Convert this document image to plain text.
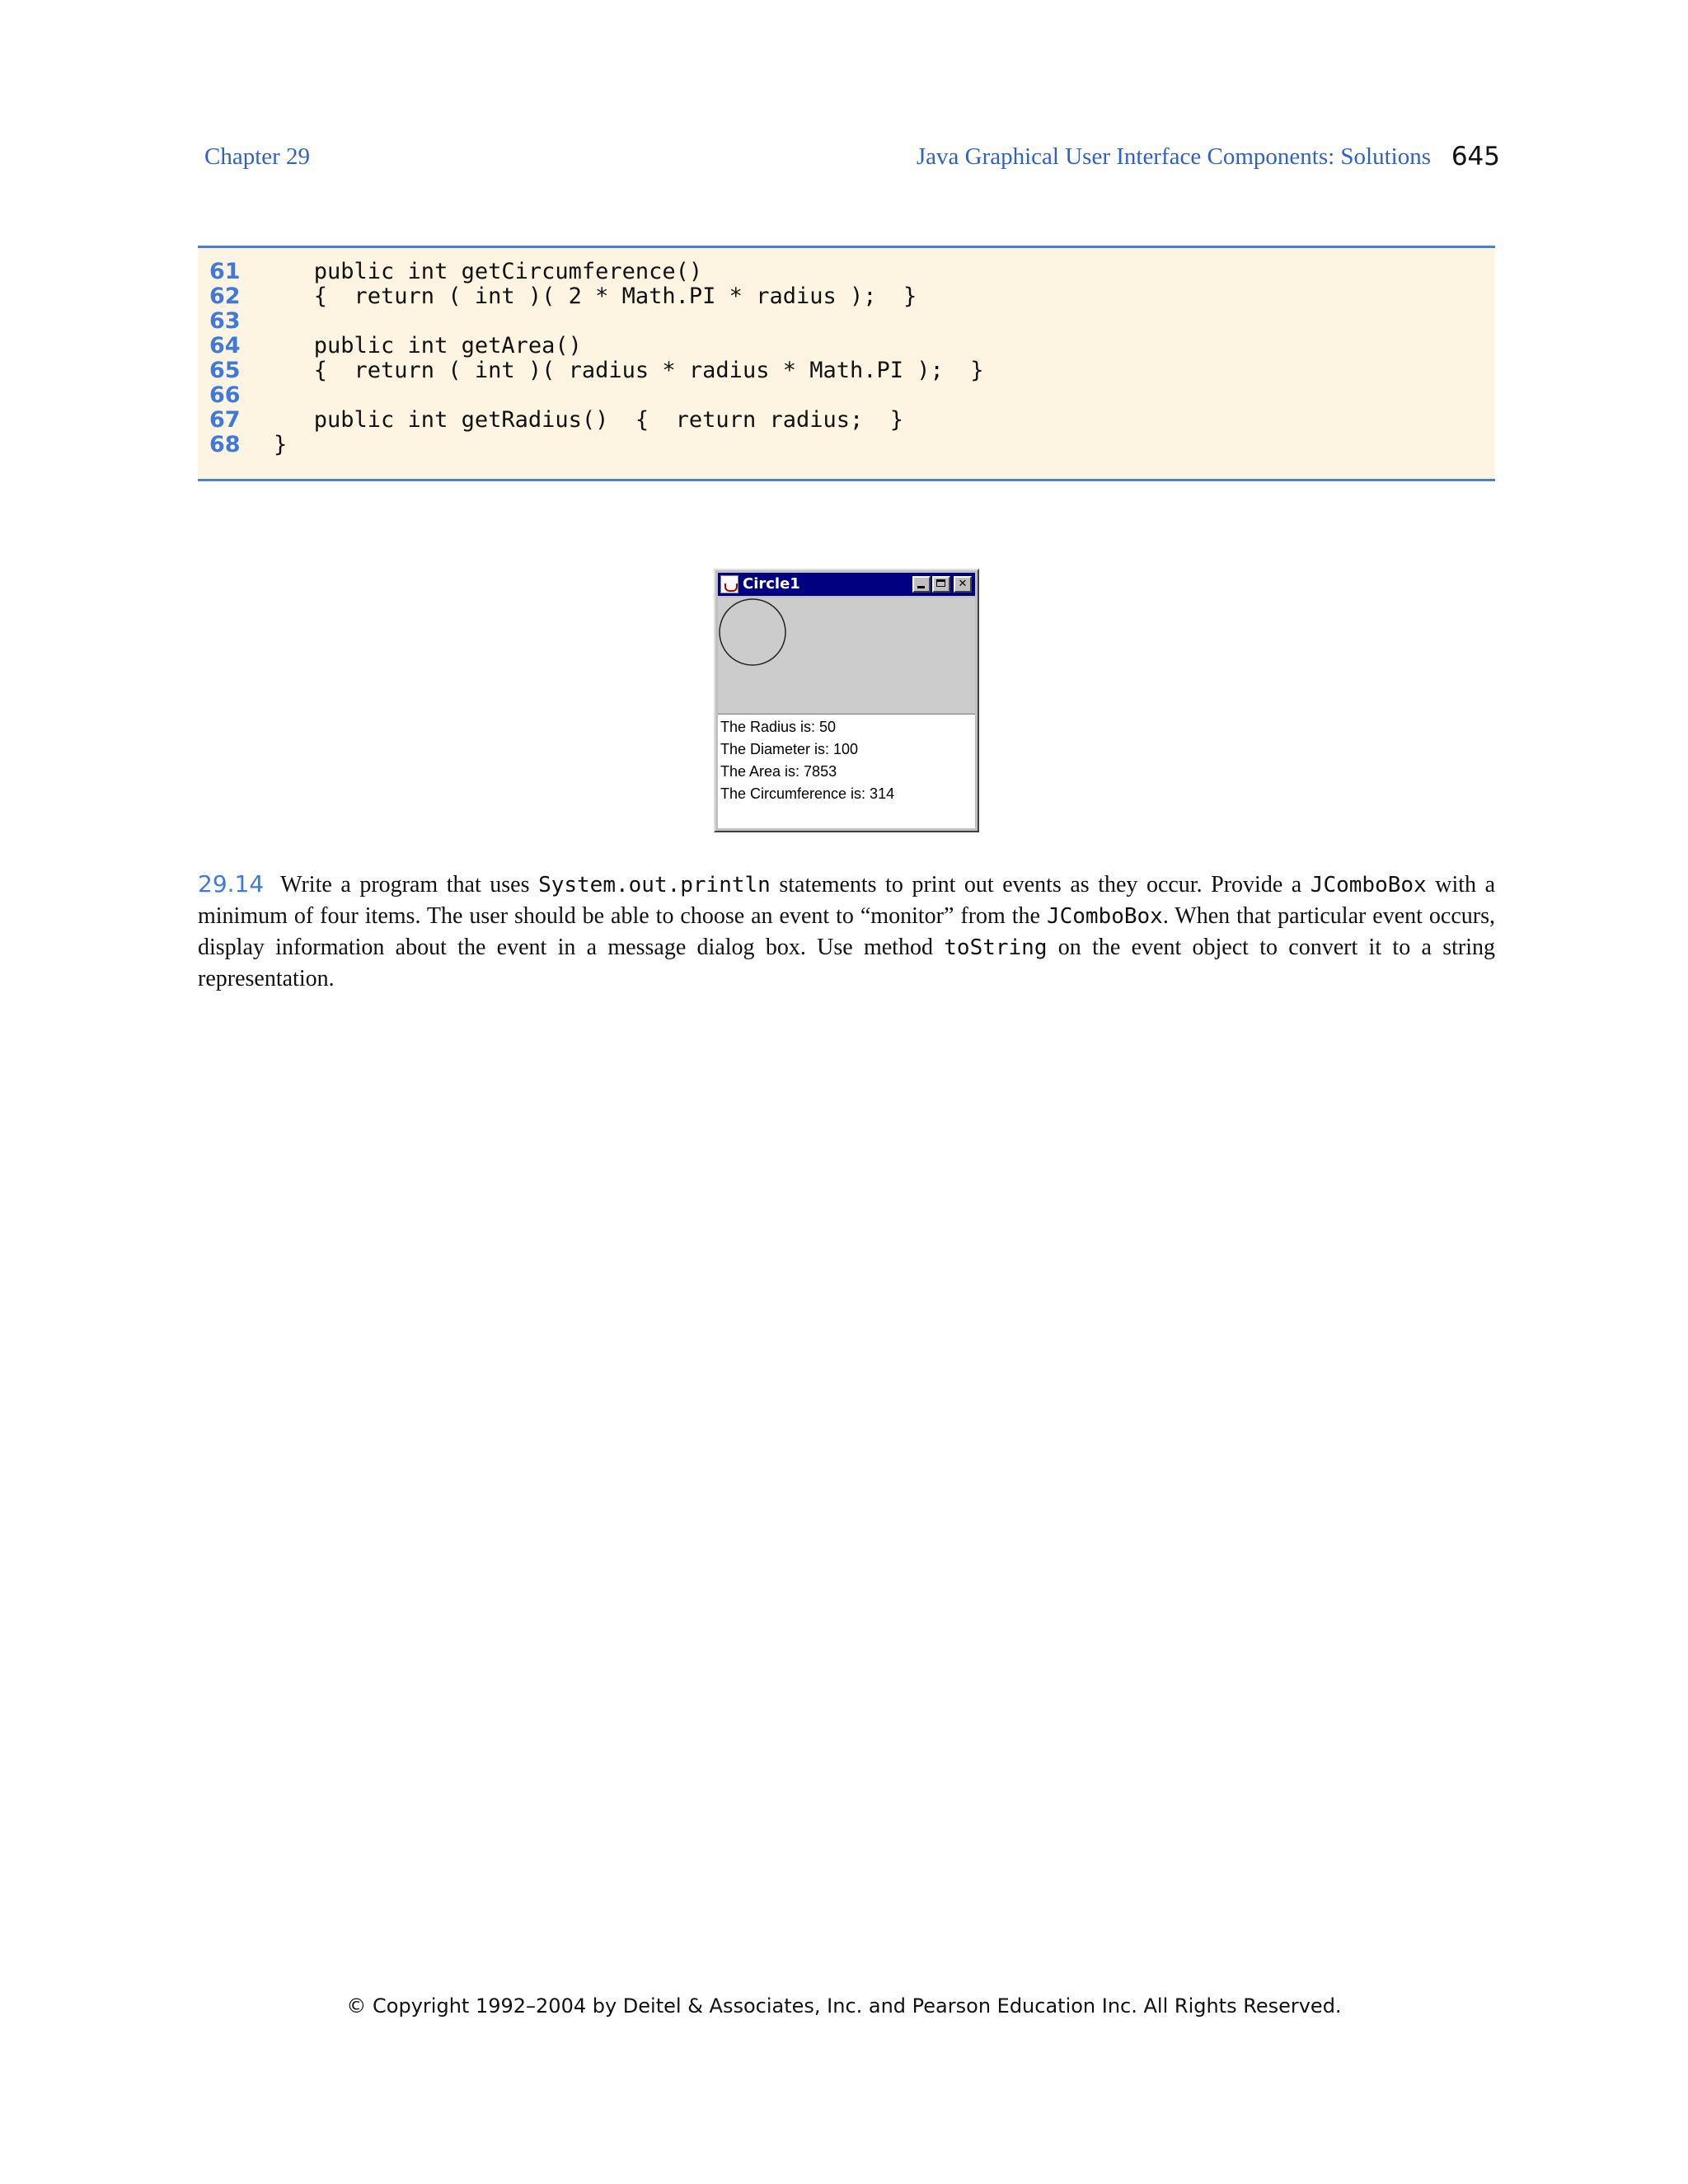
Chapter 29	Java Graphical User Interface Components: Solutions 645
61	public int getCircumference()
62	{  return ( int )( 2 * Math.PI * radius );  }
63
64	public int getArea()
65	{  return ( int )( radius * radius * Math.PI );  }
66
67	public int getRadius()  {  return radius;  }
68	}
Circle1
✕
The Radius is: 50
The Diameter is: 100
The Area is: 7853
The Circumference is: 314
29.14 Write a program that uses System.out.println statements to print out events as they occur. Provide a JComboBox with a minimum of four items. The user should be able to choose an event to “monitor” from the JComboBox. When that particular event occurs, display information about the event in a message dialog box. Use method toString on the event object to convert it to a string representation.
© Copyright 1992–2004 by Deitel & Associates, Inc. and Pearson Education Inc. All Rights Reserved.
